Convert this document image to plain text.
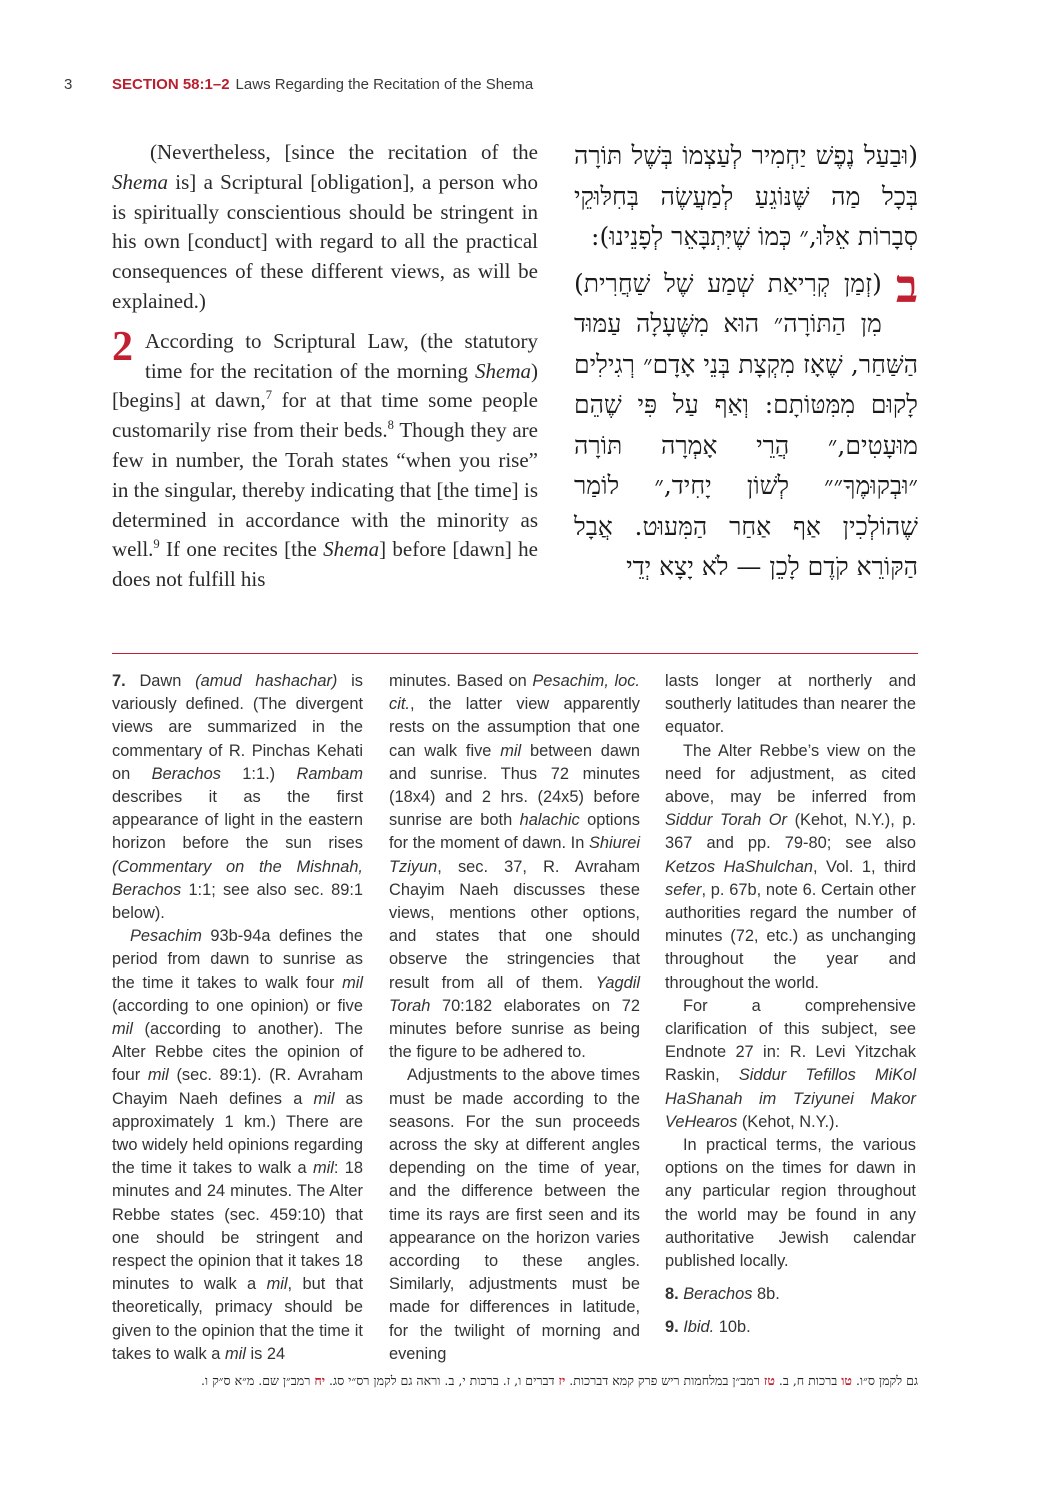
3	SECTION 58:1–2 Laws Regarding the Recitation of the Shema

(Nevertheless, [since the recitation of the Shema is] a Scriptural [obligation], a person who is spiritually conscientious should be stringent in his own [conduct] with regard to all the practical consequences of these different views, as will be explained.)

2 According to Scriptural Law, (the statutory time for the recitation of the morning Shema) [begins] at dawn,$^7$ for at that time some people customarily rise from their beds.$^8$ Though they are few in number, the Torah states “when you rise” in the singular, thereby indicating that [the time] is determined in accordance with the minority as well.$^9$ If one recites [the Shema] before [dawn] he does not fulfill his

(וּבַעַל נֶפֶשׁ יַחְמִיר לְעַצְמוֹ בְּשֶׁל תּוֹרָה בְּכָל מַה שֶּׁנּוֹגֵעַ לְמַעֲשֶׂה בְּחִלּוּקֵי סְבָרוֹת אֵלּוּ,״ כְּמוֹ שֶׁיִּתְבָּאֵר לְפָנֵינוּ):

ב

(זְמַן קְרִיאַת שְׁמַע שֶׁל שַׁחֲרִית) מִן הַתּוֹרָה״ הוּא מִשֶּׁעָלָה עַמּוּד הַשַּׁחַר, שֶׁאָז מִקְצָת בְּנֵי אָדָם״ רְגִילִים לָקוּם מִמִּטּוֹתָם: וְאַף עַל פִּי שֶׁהֵם מוּעָטִים,״ הֲרֵי אָמְרָה תּוֹרָה ״וּבְקוּמֶךָ״״ לְשׁוֹן יָחִיד,״ לוֹמַר שֶׁהוֹלְכִין אַף אַחַר הַמִּעוּט. אֲבָל הַקּוֹרֵא קֹדֶם לָכֵן — לֹא יָצָא יְדֵי

7. Dawn (amud hashachar) is variously defined. (The divergent views are summarized in the commentary of R. Pinchas Kehati on Berachos 1:1.) Rambam describes it as the first appearance of light in the eastern horizon before the sun rises (Commentary on the Mishnah, Berachos 1:1; see also sec. 89:1 below).

Pesachim 93b-94a defines the period from dawn to sunrise as the time it takes to walk four mil (according to one opinion) or five mil (according to another). The Alter Rebbe cites the opinion of four mil (sec. 89:1). (R. Avraham Chayim Naeh defines a mil as approximately 1 km.) There are two widely held opinions regarding the time it takes to walk a mil: 18 minutes and 24 minutes. The Alter Rebbe states (sec. 459:10) that one should be stringent and respect the opinion that it takes 18 minutes to walk a mil, but that theoretically, primacy should be given to the opinion that the time it takes to walk a mil is 24

minutes. Based on Pesachim, loc. cit., the latter view apparently rests on the assumption that one can walk five mil between dawn and sunrise. Thus 72 minutes (18x4) and 2 hrs. (24x5) before sunrise are both halachic options for the moment of dawn. In Shiurei Tziyun, sec. 37, R. Avraham Chayim Naeh discusses these views, mentions other options, and states that one should observe the stringencies that result from all of them. Yagdil Torah 70:182 elaborates on 72 minutes before sunrise as being the figure to be adhered to.

Adjustments to the above times must be made according to the seasons. For the sun proceeds across the sky at different angles depending on the time of year, and the difference between the time its rays are first seen and its appearance on the horizon varies according to these angles. Similarly, adjustments must be made for differences in latitude, for the twilight of morning and evening

lasts longer at northerly and southerly latitudes than nearer the equator.

The Alter Rebbe’s view on the need for adjustment, as cited above, may be inferred from Siddur Torah Or (Kehot, N.Y.), p. 367 and pp. 79-80; see also Ketzos HaShulchan, Vol. 1, third sefer, p. 67b, note 6. Certain other authorities regard the number of minutes (72, etc.) as unchanging throughout the year and throughout the world.

For a comprehensive clarification of this subject, see Endnote 27 in: R. Levi Yitzchak Raskin, Siddur Tefillos MiKol HaShanah im Tziyunei Makor VeHearos (Kehot, N.Y.).

In practical terms, the various options on the times for dawn in any particular region throughout the world may be found in any authoritative Jewish calendar published locally.

8. Berachos 8b.

9. Ibid. 10b.

גם לקמן ס״ו. טו ברכות ח, ב. טז רמב״ן במלחמות ריש פרק קמא דברכות. יז דברים ו, ז. ברכות י, ב. וראה גם לקמן רס״י סג. יח רמב״ן שם. מ״א ס״ק ו.
